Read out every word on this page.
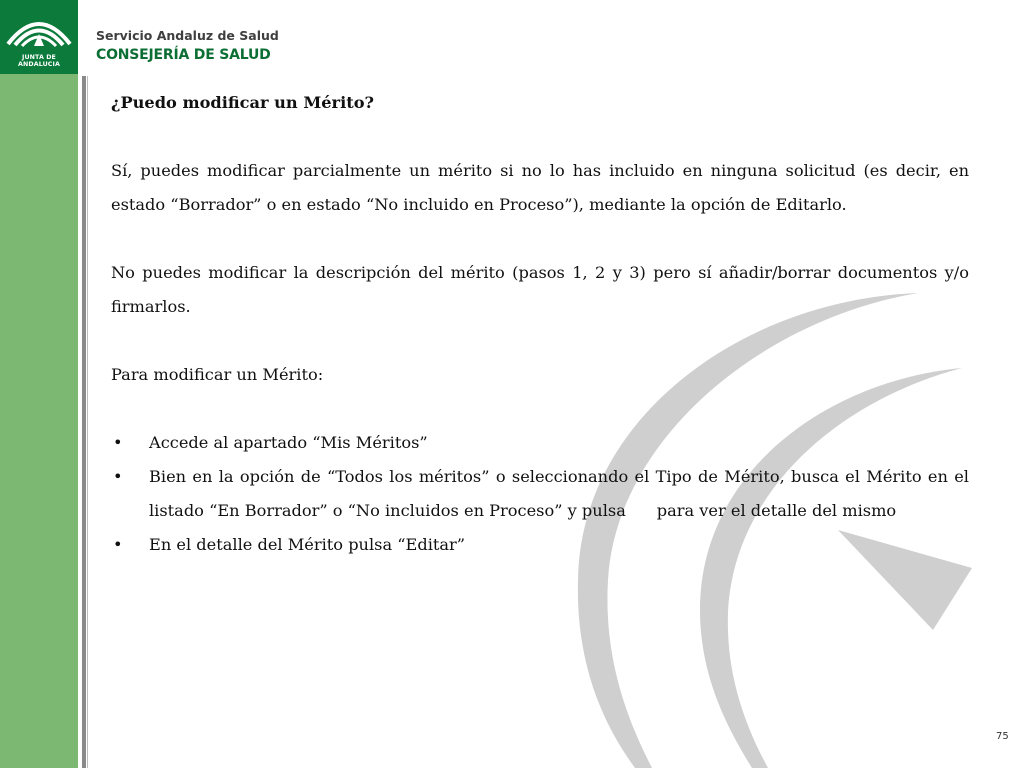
JUNTA DE ANDALUCIA
Servicio Andaluz de Salud
CONSEJERÍA DE SALUD

¿Puedo modificar un Mérito?

Sí, puedes modificar parcialmente un mérito si no lo has incluido en ninguna solicitud (es decir, en estado “Borrador” o en estado “No incluido en Proceso”), mediante la opción de Editarlo.

No puedes modificar la descripción del mérito (pasos 1, 2 y 3) pero sí añadir/borrar documentos y/o firmarlos.

Para modificar un Mérito:

• Accede al apartado “Mis Méritos”
• Bien en la opción de “Todos los méritos” o seleccionando el Tipo de Mérito, busca el Mérito en el listado “En Borrador” o “No incluidos en Proceso” y pulsa      para ver el detalle del mismo
• En el detalle del Mérito pulsa “Editar”
75
